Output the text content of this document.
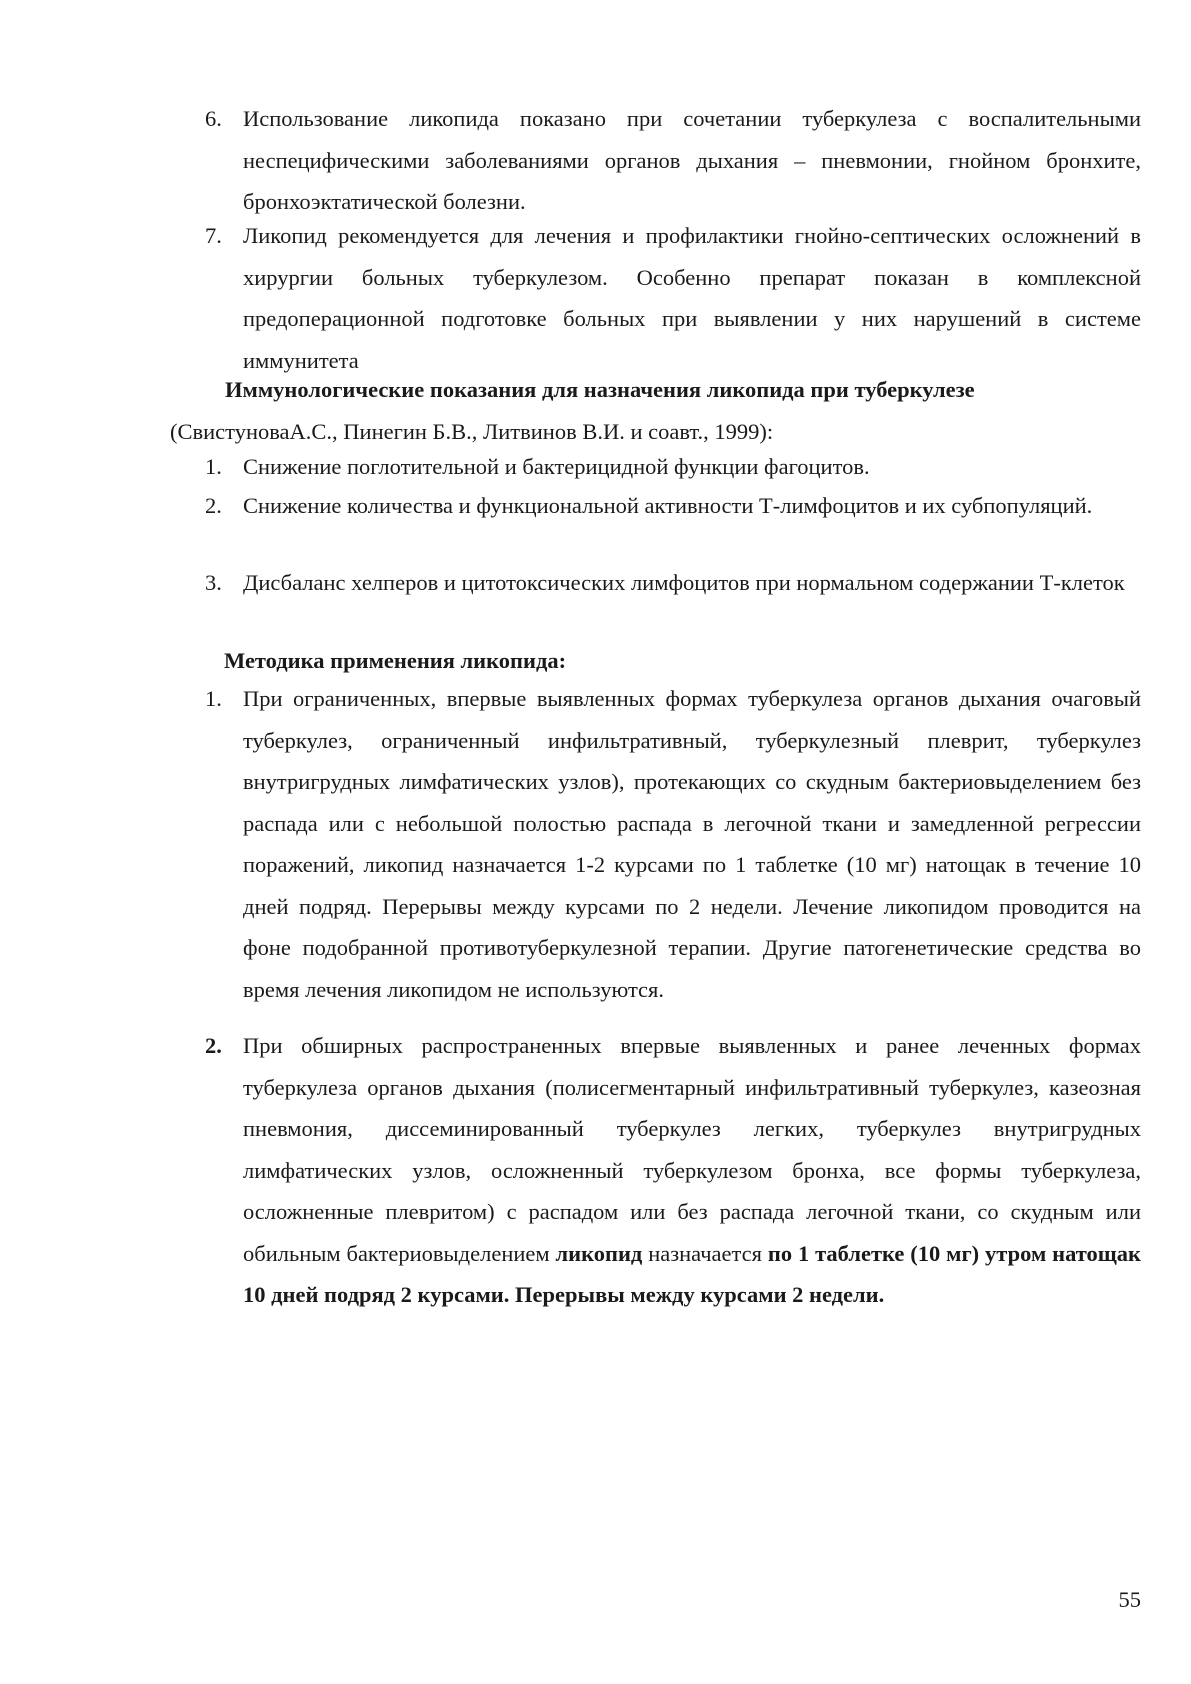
6. Использование ликопида показано при сочетании туберкулеза с воспалительными неспецифическими заболеваниями органов дыхания – пневмонии, гнойном бронхите, бронхоэктатической болезни.
7. Ликопид рекомендуется для лечения и профилактики гнойно-септических осложнений в хирургии больных туберкулезом. Особенно препарат показан в комплексной предоперационной подготовке больных при выявлении у них нарушений в системе иммунитета
Иммунологические показания для назначения ликопида при туберкулезе
(СвистуноваА.С., Пинегин Б.В., Литвинов В.И. и соавт., 1999):
1. Снижение поглотительной и бактерицидной функции фагоцитов.
2. Снижение количества и функциональной активности Т-лимфоцитов и их субпопуляций.
3. Дисбаланс хелперов и цитотоксических лимфоцитов при нормальном содержании Т-клеток
Методика применения ликопида:
1. При ограниченных, впервые выявленных формах туберкулеза органов дыхания очаговый туберкулез, ограниченный инфильтративный, туберкулезный плеврит, туберкулез внутригрудных лимфатических узлов), протекающих со скудным бактериовыделением без распада или с небольшой полостью распада в легочной ткани и замедленной регрессии поражений, ликопид назначается 1-2 курсами по 1 таблетке (10 мг) натощак в течение 10 дней подряд. Перерывы между курсами по 2 недели. Лечение ликопидом проводится на фоне подобранной противотуберкулезной терапии. Другие патогенетические средства во время лечения ликопидом не используются.
2. При обширных распространенных впервые выявленных и ранее леченных формах туберкулеза органов дыхания (полисегментарный инфильтративный туберкулез, казеозная пневмония, диссеминированный туберкулез легких, туберкулез внутригрудных лимфатических узлов, осложненный туберкулезом бронха, все формы туберкулеза, осложненные плевритом) с распадом или без распада легочной ткани, со скудным или обильным бактериовыделением ликопид назначается по 1 таблетке (10 мг) утром натощак 10 дней подряд 2 курсами. Перерывы между курсами 2 недели.
55
